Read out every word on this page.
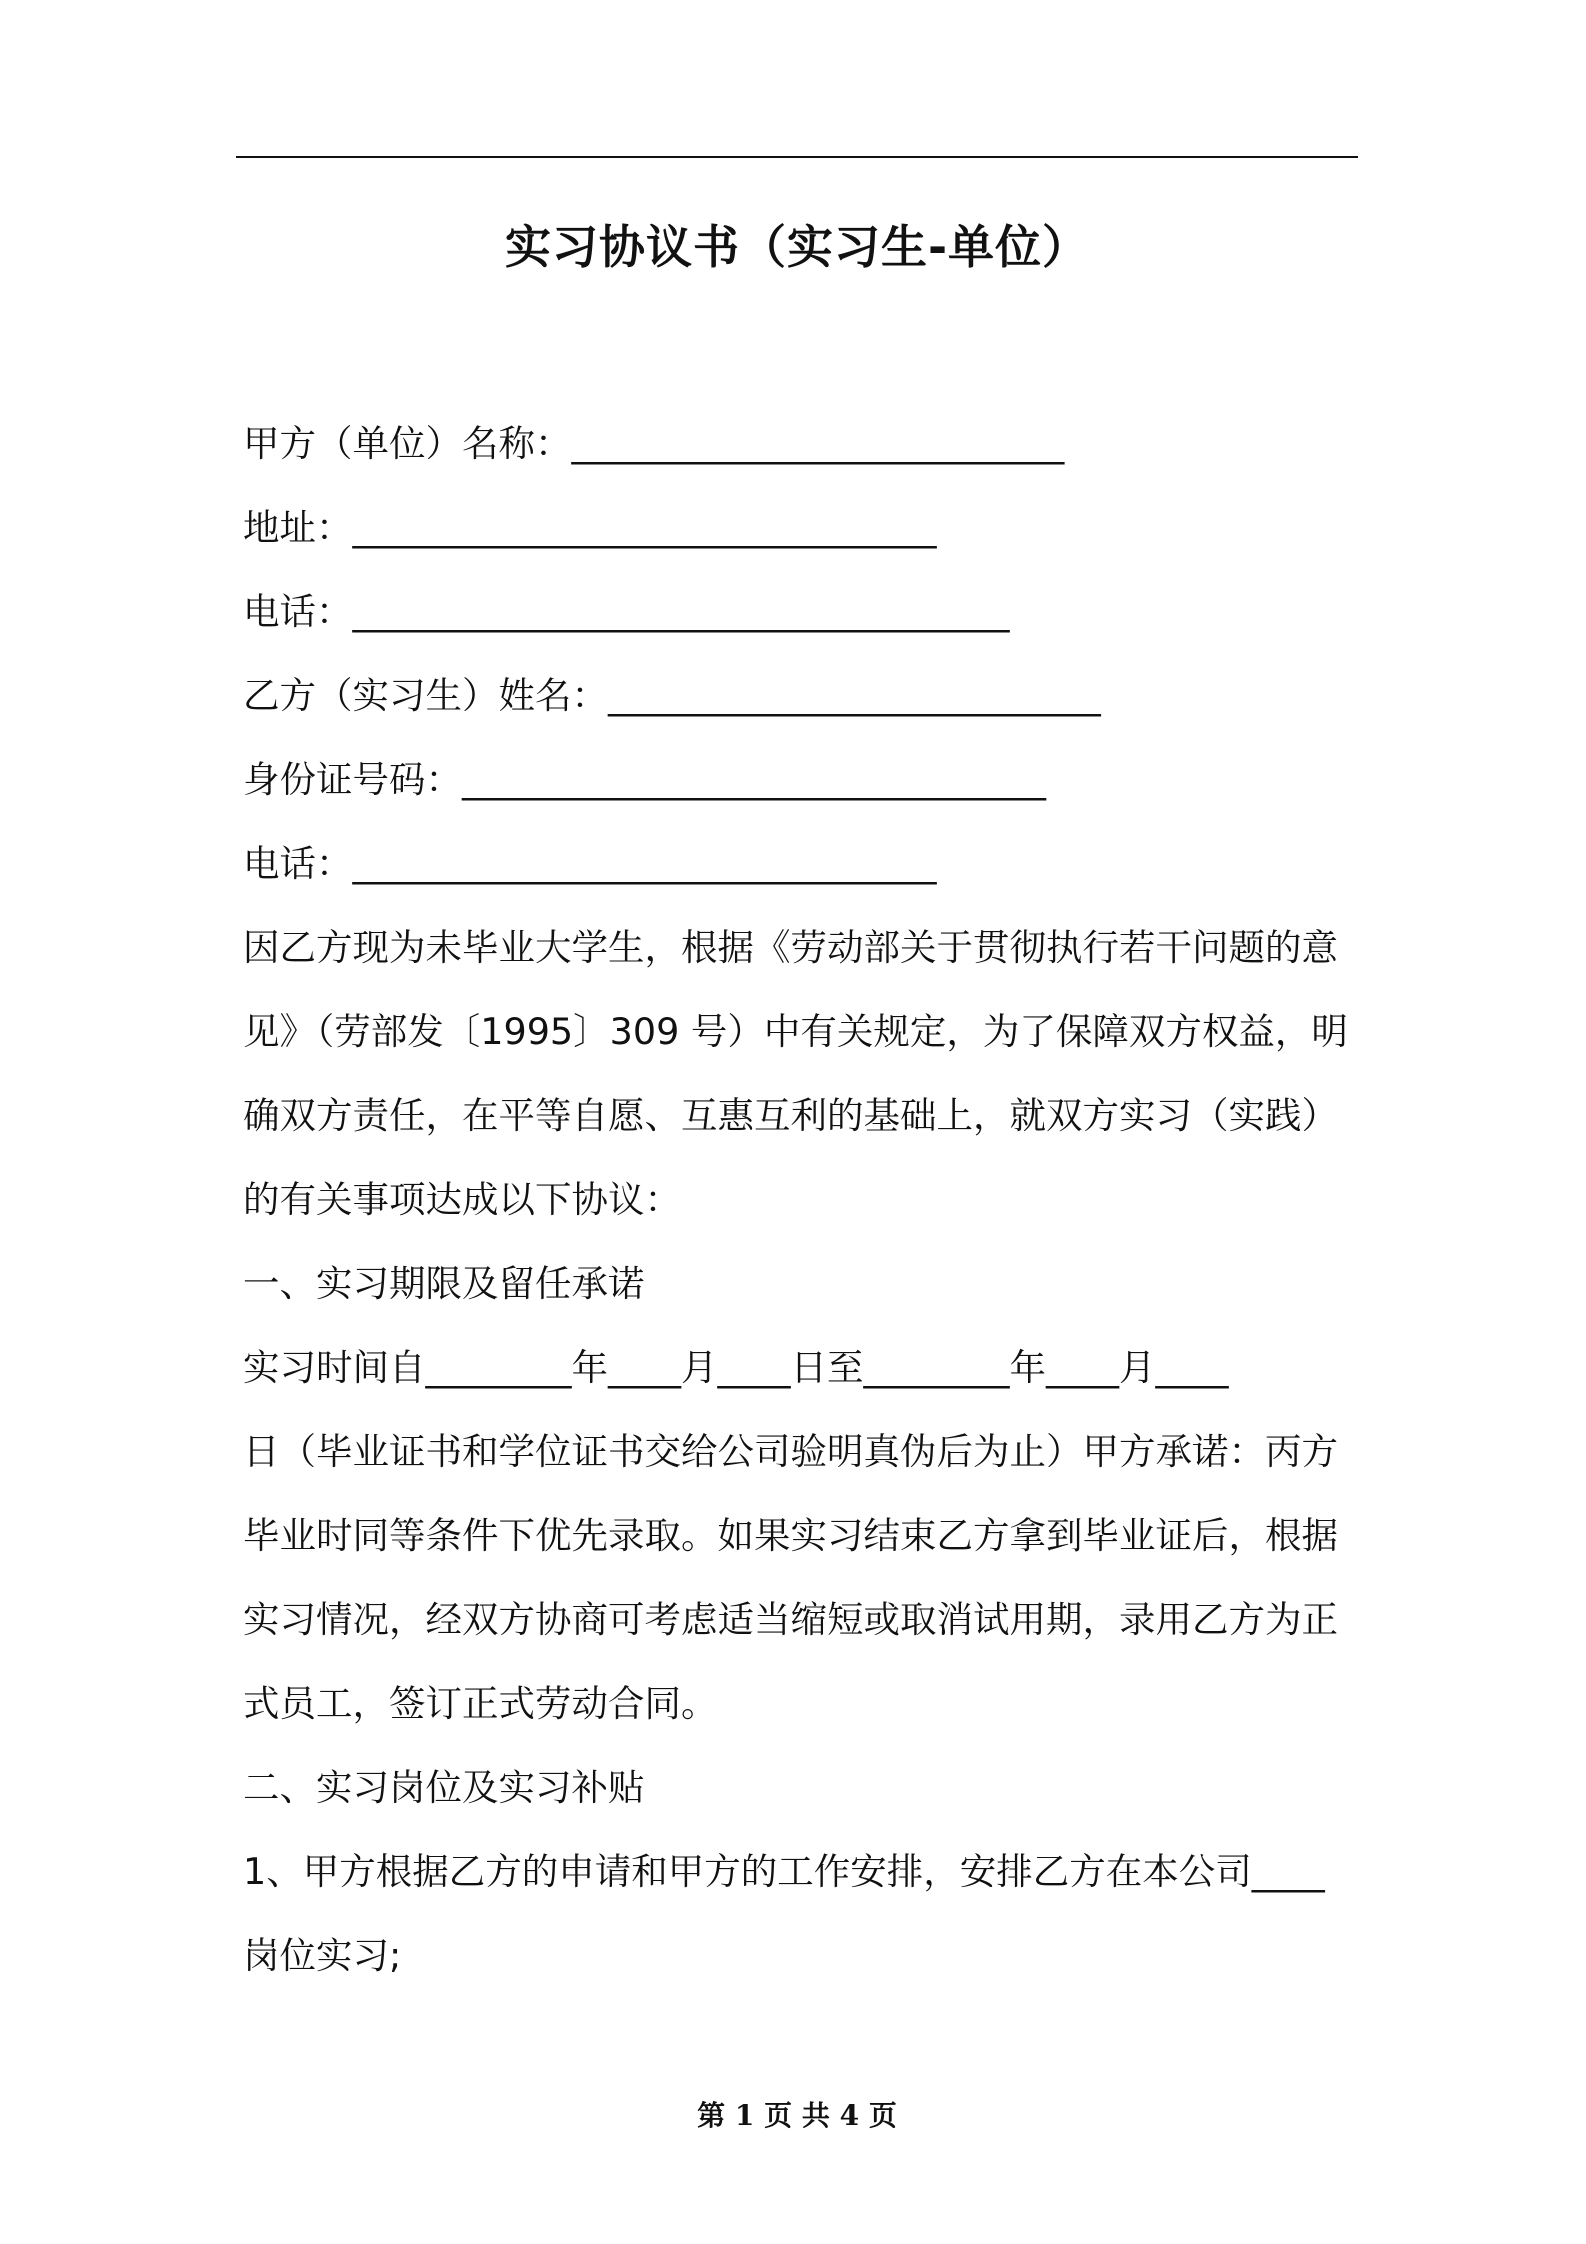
实习协议书（实习生-单位）
甲方（单位）名称：___________________________
地址：________________________________
电话：____________________________________
乙方（实习生）姓名：___________________________
身份证号码：________________________________
电话：________________________________
因乙方现为未毕业大学生，根据《劳动部关于贯彻执行若干问题的意
见》（劳部发〔1995〕309 号）中有关规定，为了保障双方权益，明
确双方责任，在平等自愿、互惠互利的基础上，就双方实习（实践）
的有关事项达成以下协议：
一、实习期限及留任承诺
实习时间自________年____月____日至________年____月____
日（毕业证书和学位证书交给公司验明真伪后为止）甲方承诺：丙方
毕业时同等条件下优先录取。如果实习结束乙方拿到毕业证后，根据
实习情况，经双方协商可考虑适当缩短或取消试用期，录用乙方为正
式员工，签订正式劳动合同。
二、实习岗位及实习补贴
1、甲方根据乙方的申请和甲方的工作安排，安排乙方在本公司____
岗位实习;
第 1 页 共 4 页
